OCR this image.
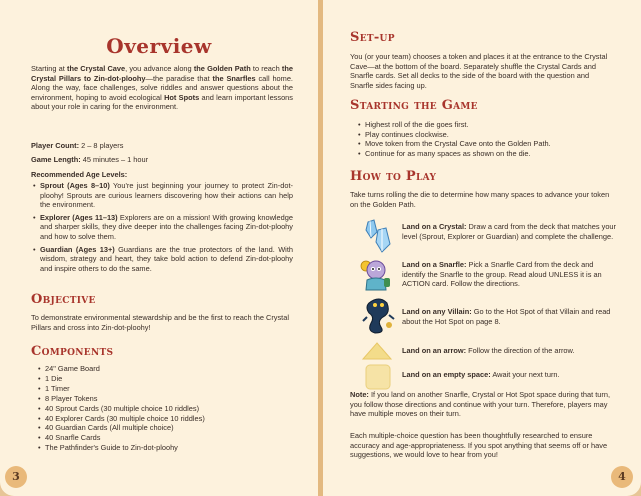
Overview
Starting at the Crystal Cave, you advance along the Golden Path to reach the Crystal Pillars to Zin-dot-ploohy—the paradise that the Snarfles call home. Along the way, face challenges, solve riddles and answer questions about the environment, hoping to avoid ecological Hot Spots and learn important lessons about your role in caring for the environment.
Player Count: 2 – 8 players
Game Length: 45 minutes – 1 hour
Recommended Age Levels:
• Sprout (Ages 8–10) You're just beginning your journey to protect Zin-dot-ploohy! Sprouts are curious learners discovering how their actions can help the environment.
• Explorer (Ages 11–13) Explorers are on a mission! With growing knowledge and sharper skills, they dive deeper into the challenges facing Zin-dot-ploohy and how to solve them.
• Guardian (Ages 13+) Guardians are the true protectors of the land. With wisdom, strategy and heart, they take bold action to defend Zin-dot-ploohy and inspire others to do the same.
Objective
To demonstrate environmental stewardship and be the first to reach the Crystal Pillars and cross into Zin-dot-ploohy!
Components
• 24" Game Board
• 1 Die
• 1 Timer
• 8 Player Tokens
• 40 Sprout Cards (30 multiple choice 10 riddles)
• 40 Explorer Cards (30 multiple choice 10 riddles)
• 40 Guardian Cards (All multiple choice)
• 40 Snarfle Cards
• The Pathfinder's Guide to Zin-dot-ploohy
3
Set-up
You (or your team) chooses a token and places it at the entrance to the Crystal Cave—at the bottom of the board. Separately shuffle the Crystal Cards and Snarfle cards. Set all decks to the side of the board with the question and Snarfle sides facing up.
Starting the Game
• Highest roll of the die goes first.
• Play continues clockwise.
• Move token from the Crystal Cave onto the Golden Path.
• Continue for as many spaces as shown on the die.
How to Play
Take turns rolling the die to determine how many spaces to advance your token on the Golden Path.
Land on a Crystal: Draw a card from the deck that matches your level (Sprout, Explorer or Guardian) and complete the challenge.
Land on a Snarfle: Pick a Snarfle Card from the deck and identify the Snarfle to the group. Read aloud UNLESS it is an ACTION card. Follow the directions.
Land on any Villain: Go to the Hot Spot of that Villain and read about the Hot Spot on page 8.
Land on an arrow: Follow the direction of the arrow.
Land on an empty space: Await your next turn.
Note: If you land on another Snarfle, Crystal or Hot Spot space during that turn, you follow those directions and continue with your turn. Therefore, players may have multiple moves on their turn.
Each multiple-choice question has been thoughtfully researched to ensure accuracy and age-appropriateness. If you spot anything that seems off or have suggestions, we would love to hear from you!
4
